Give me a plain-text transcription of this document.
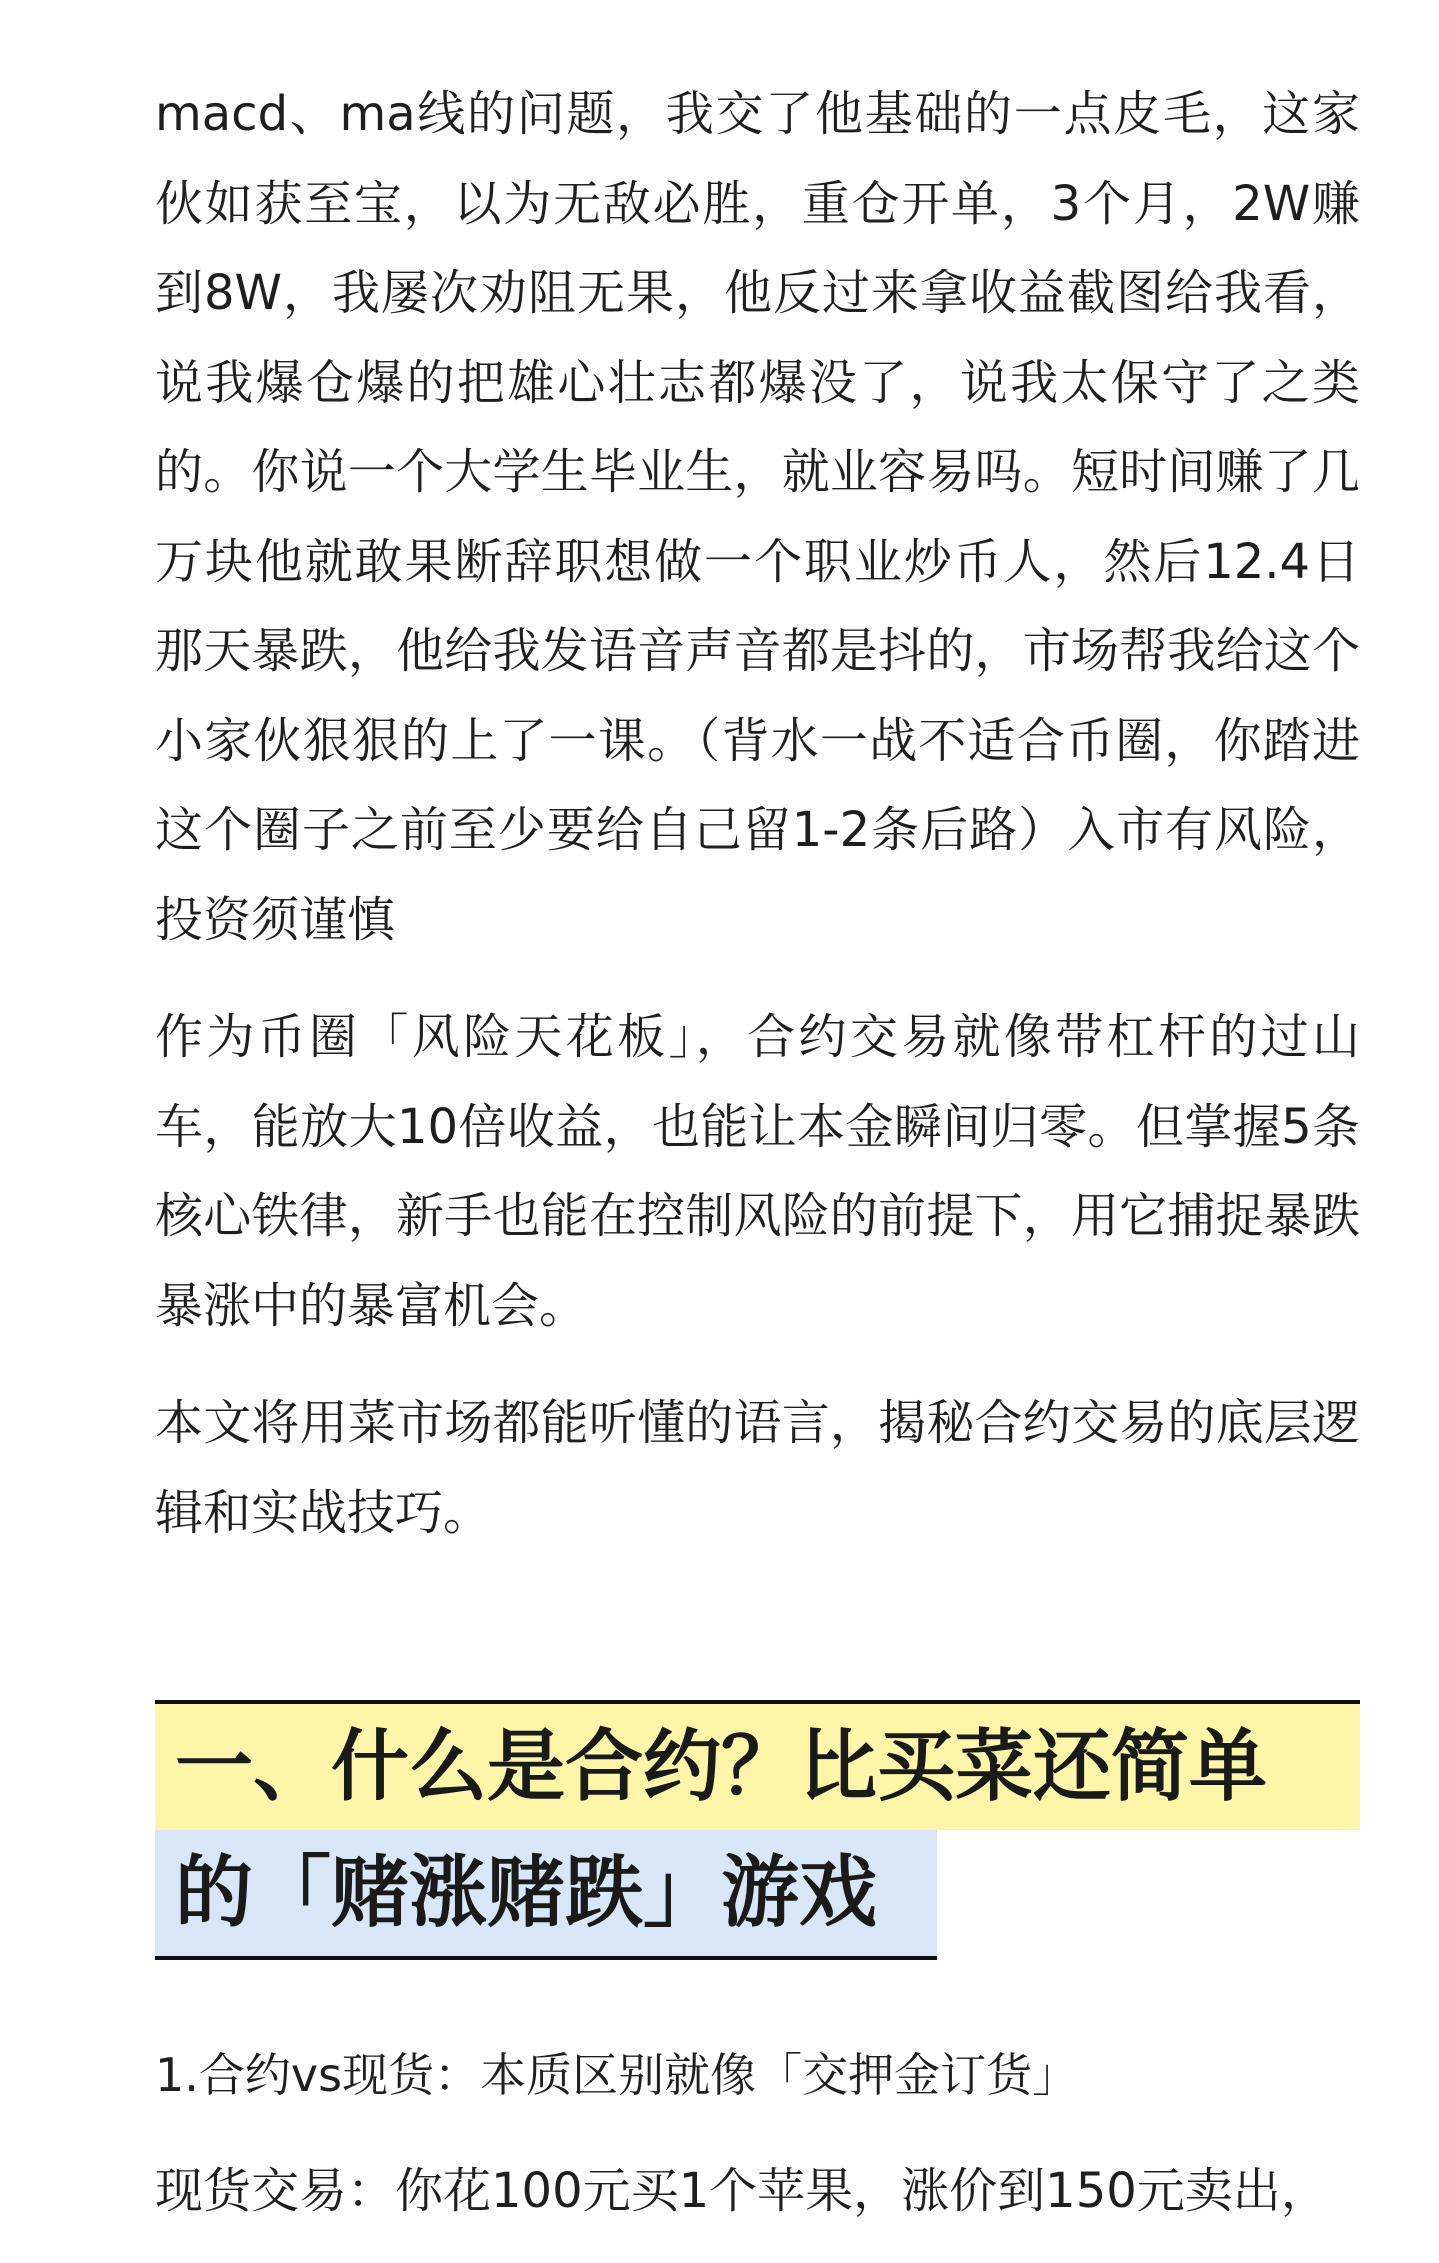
macd、ma线的问题，我交了他基础的一点皮毛，这家伙如获至宝，以为无敌必胜，重仓开单，3个月，2W赚到8W，我屡次劝阻无果，他反过来拿收益截图给我看，说我爆仓爆的把雄心壮志都爆没了，说我太保守了之类的。你说一个大学生毕业生，就业容易吗。短时间赚了几万块他就敢果断辞职想做一个职业炒币人，然后12.4日那天暴跌，他给我发语音声音都是抖的，市场帮我给这个小家伙狠狠的上了一课。（背水一战不适合币圈，你踏进这个圈子之前至少要给自己留1-2条后路）入市有风险，投资须谨慎

作为币圈「风险天花板」，合约交易就像带杠杆的过山车，能放大10倍收益，也能让本金瞬间归零。但掌握5条核心铁律，新手也能在控制风险的前提下，用它捕捉暴跌暴涨中的暴富机会。

本文将用菜市场都能听懂的语言，揭秘合约交易的底层逻辑和实战技巧。

一、什么是合约？比买菜还简单
的「赌涨赌跌」游戏

1.合约vs现货：本质区别就像「交押金订货」

现货交易：你花100元买1个苹果，涨价到150元卖出，
